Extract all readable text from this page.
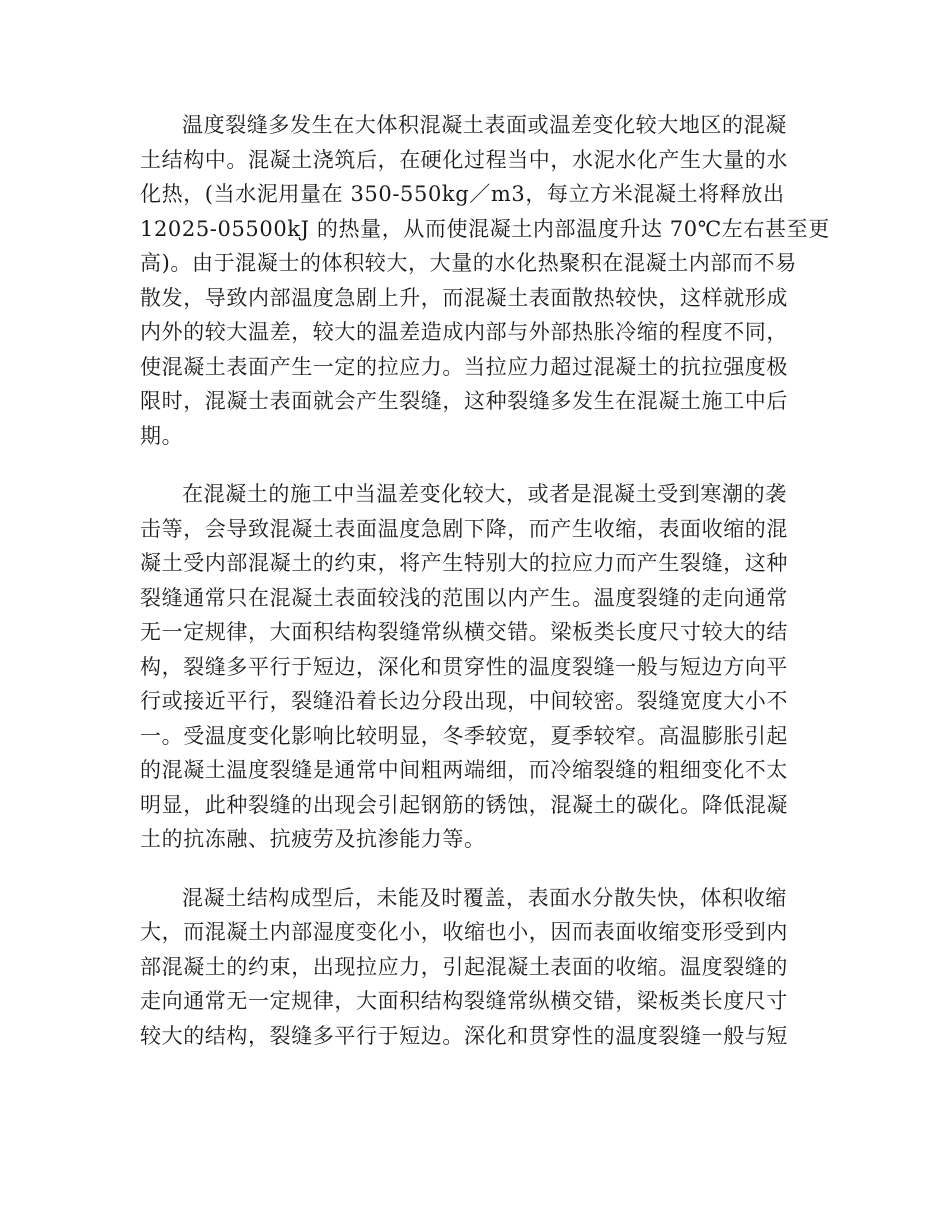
温度裂缝多发生在大体积混凝土表面或温差变化较大地区的混凝
土结构中。混凝土浇筑后，在硬化过程当中，水泥水化产生大量的水
化热，(当水泥用量在 350-550kg／m3，每立方米混凝土将释放出
12025-05500kJ 的热量，从而使混凝土内部温度升达 70℃左右甚至更
高)。由于混凝士的体积较大，大量的水化热聚积在混凝土内部而不易
散发，导致内部温度急剧上升，而混凝土表面散热较快，这样就形成
内外的较大温差，较大的温差造成内部与外部热胀冷缩的程度不同，
使混凝土表面产生一定的拉应力。当拉应力超过混凝土的抗拉强度极
限时，混凝士表面就会产生裂缝，这种裂缝多发生在混凝土施工中后
期。

在混凝土的施工中当温差变化较大，或者是混凝土受到寒潮的袭
击等，会导致混凝土表面温度急剧下降，而产生收缩，表面收缩的混
凝土受内部混凝土的约束，将产生特别大的拉应力而产生裂缝，这种
裂缝通常只在混凝土表面较浅的范围以内产生。温度裂缝的走向通常
无一定规律，大面积结构裂缝常纵横交错。梁板类长度尺寸较大的结
构，裂缝多平行于短边，深化和贯穿性的温度裂缝一般与短边方向平
行或接近平行，裂缝沿着长边分段出现，中间较密。裂缝宽度大小不
一。受温度变化影响比较明显，冬季较宽，夏季较窄。高温膨胀引起
的混凝土温度裂缝是通常中间粗两端细，而冷缩裂缝的粗细变化不太
明显，此种裂缝的出现会引起钢筋的锈蚀，混凝土的碳化。降低混凝
土的抗冻融、抗疲劳及抗渗能力等。

混凝土结构成型后，未能及时覆盖，表面水分散失快，体积收缩
大，而混凝土内部湿度变化小，收缩也小，因而表面收缩变形受到内
部混凝土的约束，出现拉应力，引起混凝土表面的收缩。温度裂缝的
走向通常无一定规律，大面积结构裂缝常纵横交错，梁板类长度尺寸
较大的结构，裂缝多平行于短边。深化和贯穿性的温度裂缝一般与短
